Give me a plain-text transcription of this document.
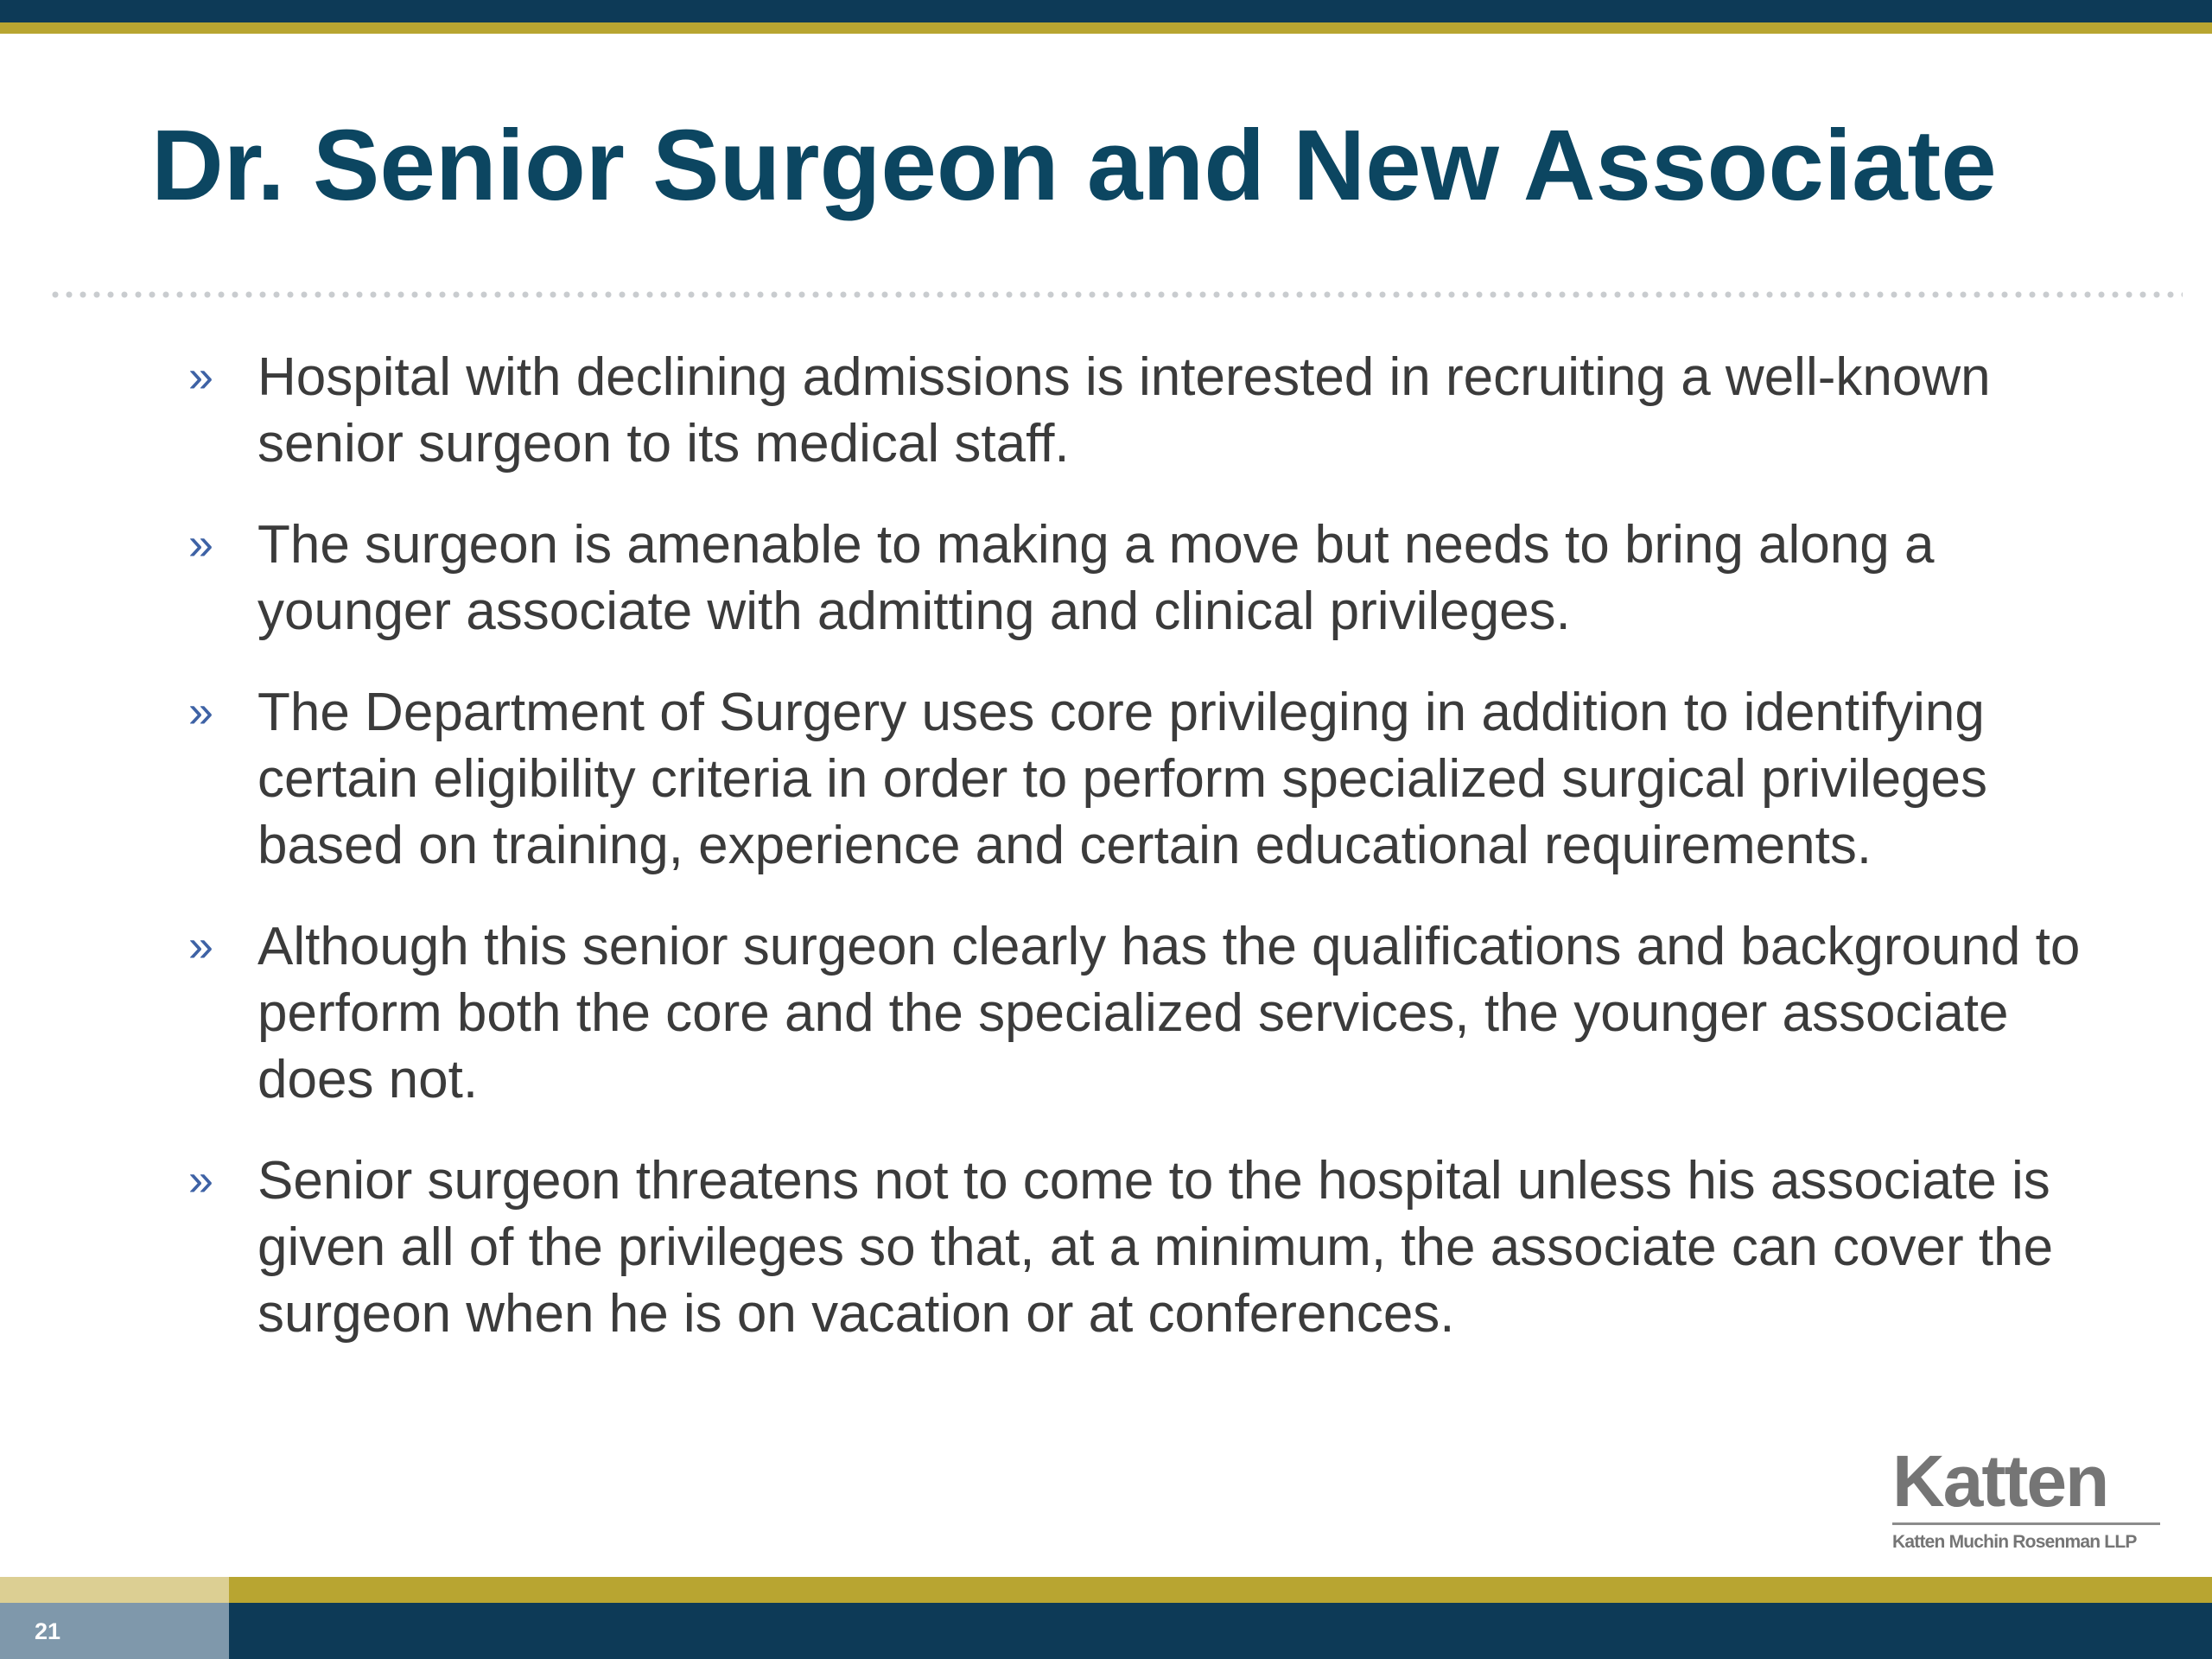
Dr. Senior Surgeon and New Associate
» Hospital with declining admissions is interested in recruiting a well-known senior surgeon to its medical staff.
» The surgeon is amenable to making a move but needs to bring along a younger associate with admitting and clinical privileges.
» The Department of Surgery uses core privileging in addition to identifying certain eligibility criteria in order to perform specialized surgical privileges based on training, experience and certain educational requirements.
» Although this senior surgeon clearly has the qualifications and background to perform both the core and the specialized services, the younger associate does not.
» Senior surgeon threatens not to come to the hospital unless his associate is given all of the privileges so that, at a minimum, the associate can cover the surgeon when he is on vacation or at conferences.
Katten
Katten Muchin Rosenman LLP
21
